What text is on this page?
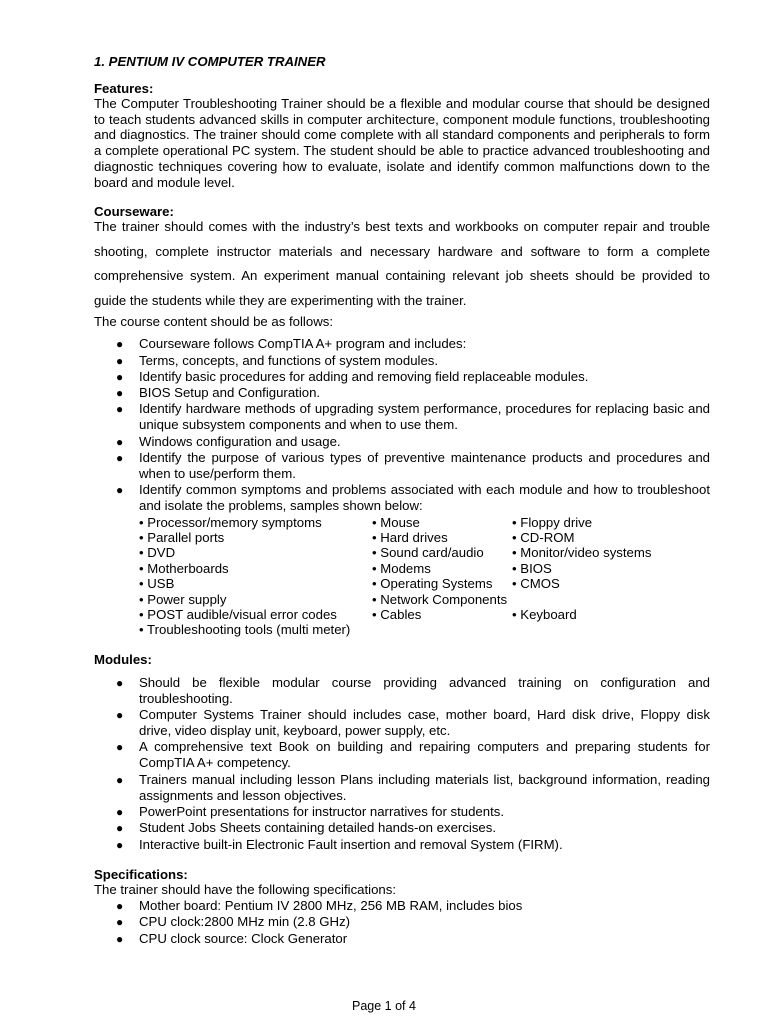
1. PENTIUM IV COMPUTER TRAINER

Features:

The Computer Troubleshooting Trainer should be a flexible and modular course that should be designed to teach students advanced skills in computer architecture, component module functions, troubleshooting and diagnostics. The trainer should come complete with all standard components and peripherals to form a complete operational PC system. The student should be able to practice advanced troubleshooting and diagnostic techniques covering how to evaluate, isolate and identify common malfunctions down to the board and module level.

Courseware:

The trainer should comes with the industry’s best texts and workbooks on computer repair and trouble shooting, complete instructor materials and necessary hardware and software to form a complete comprehensive system. An experiment manual containing relevant job sheets should be provided to guide the students while they are experimenting with the trainer.

The course content should be as follows:

● Courseware follows CompTIA A+ program and includes:
● Terms, concepts, and functions of system modules.
● Identify basic procedures for adding and removing field replaceable modules.
● BIOS Setup and Configuration.
● Identify hardware methods of upgrading system performance, procedures for replacing basic and unique subsystem components and when to use them.
● Windows configuration and usage.
● Identify the purpose of various types of preventive maintenance products and procedures and when to use/perform them.
● Identify common symptoms and problems associated with each module and how to troubleshoot and isolate the problems, samples shown below:
• Processor/memory symptoms	• Mouse	• Floppy drive
• Parallel ports	• Hard drives	• CD-ROM
• DVD	• Sound card/audio	• Monitor/video systems
• Motherboards	• Modems	• BIOS
• USB	• Operating Systems	• CMOS
• Power supply	• Network Components
• POST audible/visual error codes	• Cables	• Keyboard
• Troubleshooting tools (multi meter)

Modules:

● Should be flexible modular course providing advanced training on configuration and troubleshooting.
● Computer Systems Trainer should includes case, mother board, Hard disk drive, Floppy disk drive, video display unit, keyboard, power supply, etc.
● A comprehensive text Book on building and repairing computers and preparing students for CompTIA A+ competency.
● Trainers manual including lesson Plans including materials list, background information, reading assignments and lesson objectives.
● PowerPoint presentations for instructor narratives for students.
● Student Jobs Sheets containing detailed hands-on exercises.
● Interactive built-in Electronic Fault insertion and removal System (FIRM).

Specifications:

The trainer should have the following specifications:

● Mother board: Pentium IV 2800 MHz, 256 MB RAM, includes bios
● CPU clock:2800 MHz min (2.8 GHz)
● CPU clock source: Clock Generator
Page 1 of 4
